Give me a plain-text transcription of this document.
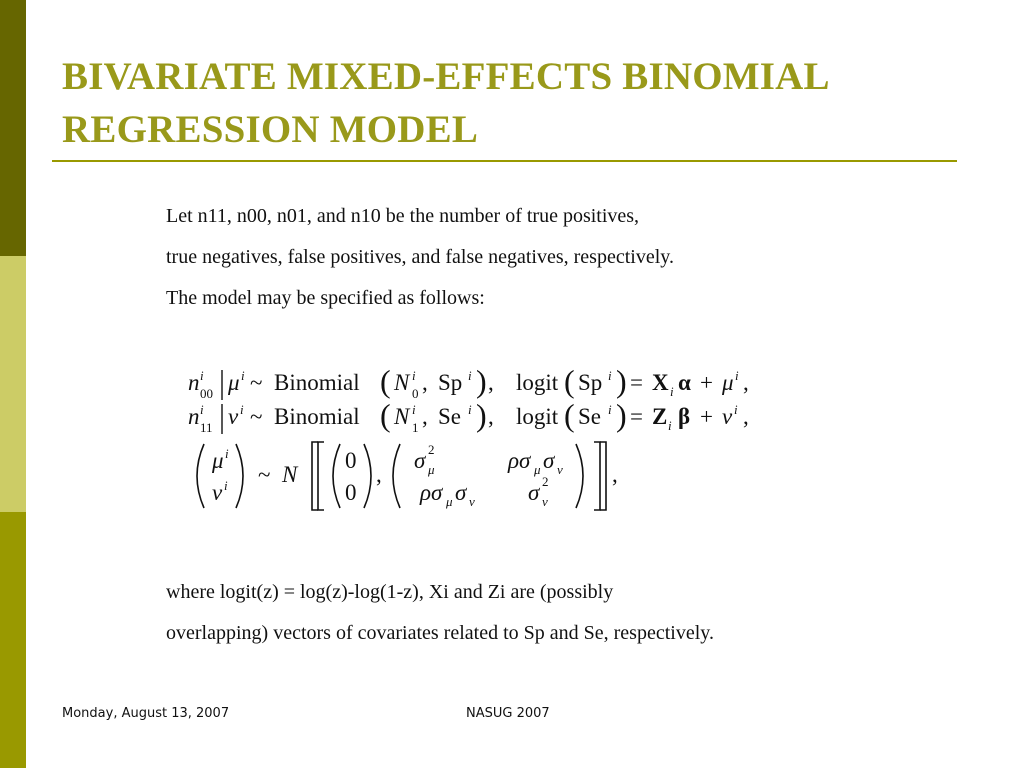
BIVARIATE MIXED-EFFECTS BINOMIAL
REGRESSION MODEL
Let n11, n00, n01, and n10 be the number of true positives,
true negatives, false positives, and false negatives, respectively.
The model may be specified as follows:
n i
00 μ i ~ Binomial ( N i
0 , Sp i ) , logit ( Sp i ) = X i α + μ i ,
n i
11 ν i ~ Binomial ( N i
1 , Se i ) , logit ( Se i ) = Z i β + ν i ,
μ i
ν i ~ N
0
0
,
σ 2
μ	ρσ μ σ ν
ρσ μ σ ν σ 2
ν
,
where logit(z) = log(z)-log(1-z), Xi and Zi are (possibly
overlapping) vectors of covariates related to Sp and Se, respectively.
Monday, August 13, 2007	NASUG 2007
